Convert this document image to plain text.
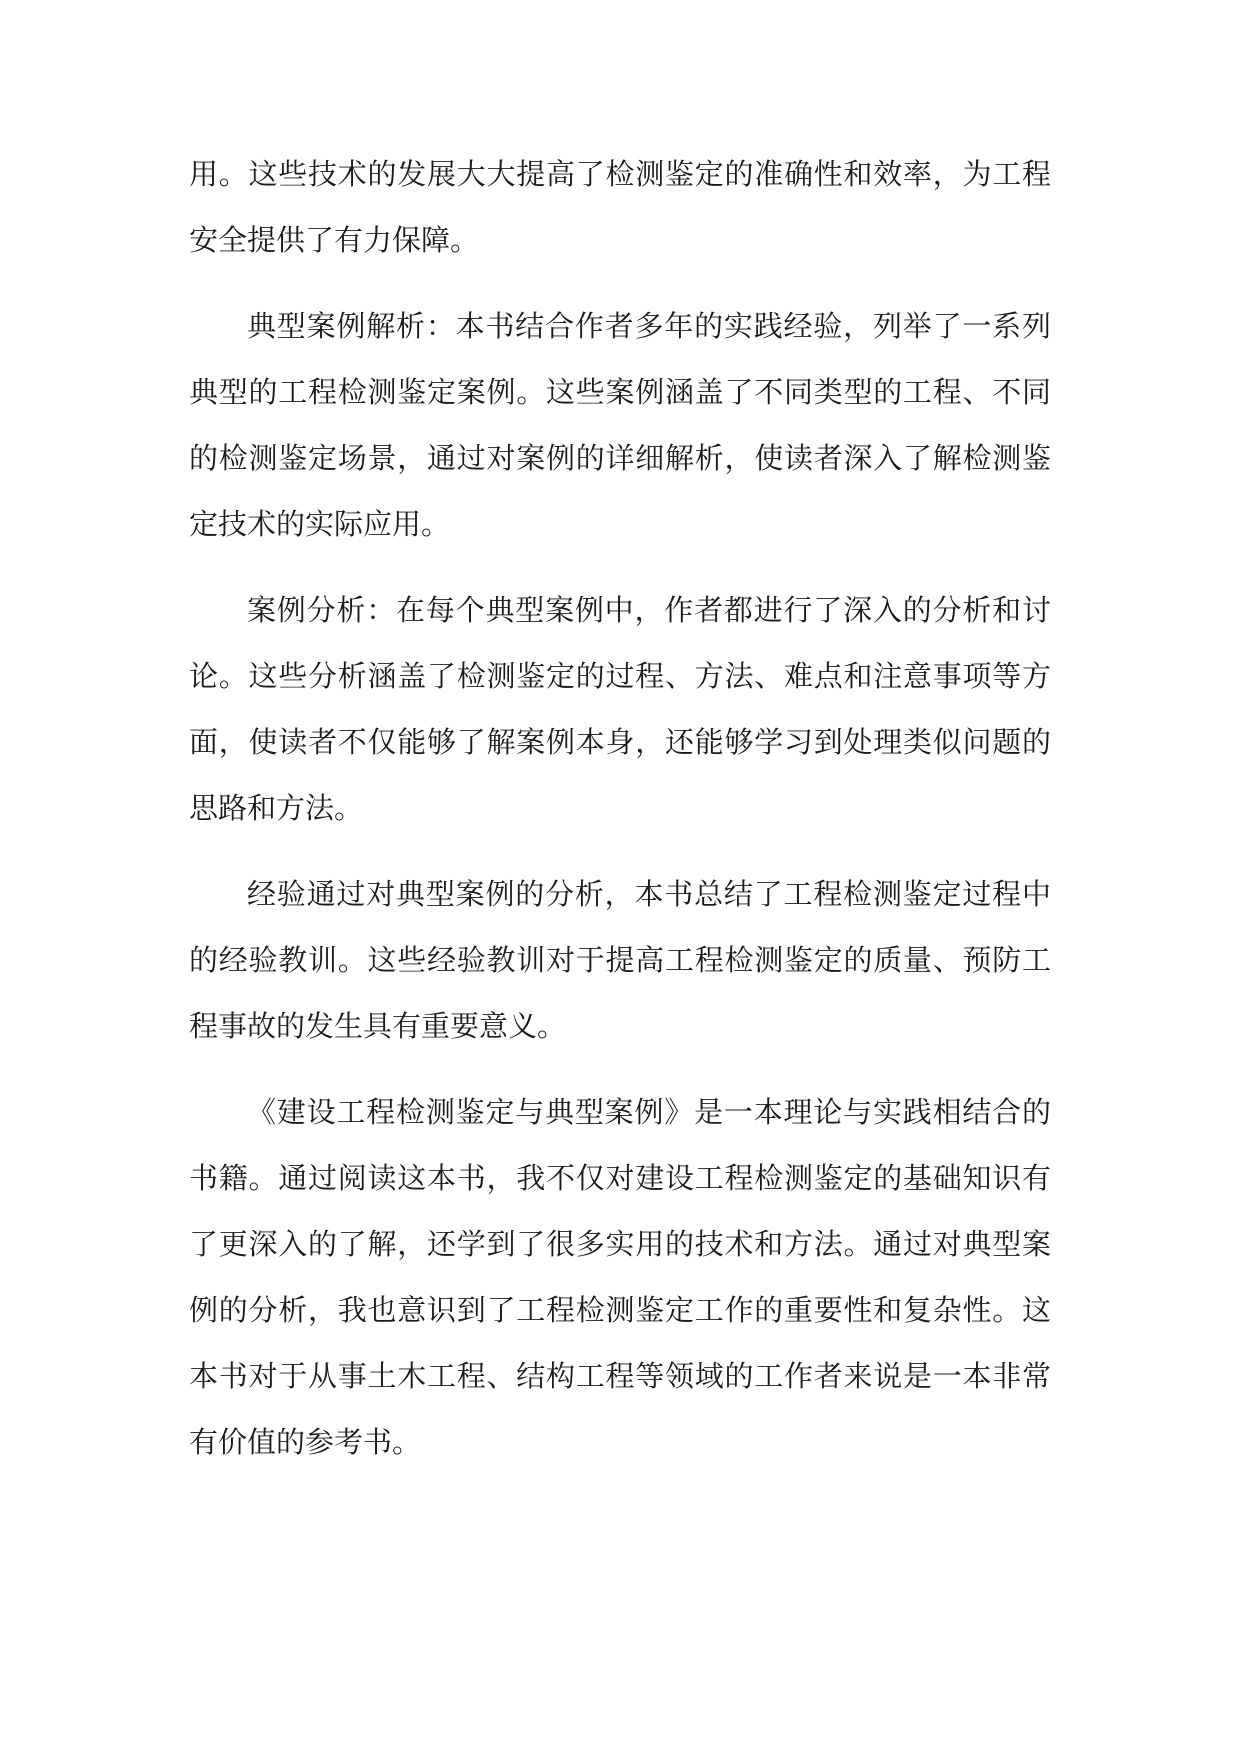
用。这些技术的发展大大提高了检测鉴定的准确性和效率，为工程安全提供了有力保障。

典型案例解析：本书结合作者多年的实践经验，列举了一系列典型的工程检测鉴定案例。这些案例涵盖了不同类型的工程、不同的检测鉴定场景，通过对案例的详细解析，使读者深入了解检测鉴定技术的实际应用。

案例分析：在每个典型案例中，作者都进行了深入的分析和讨论。这些分析涵盖了检测鉴定的过程、方法、难点和注意事项等方面，使读者不仅能够了解案例本身，还能够学习到处理类似问题的思路和方法。

经验通过对典型案例的分析，本书总结了工程检测鉴定过程中的经验教训。这些经验教训对于提高工程检测鉴定的质量、预防工程事故的发生具有重要意义。

《建设工程检测鉴定与典型案例》是一本理论与实践相结合的书籍。通过阅读这本书，我不仅对建设工程检测鉴定的基础知识有了更深入的了解，还学到了很多实用的技术和方法。通过对典型案例的分析，我也意识到了工程检测鉴定工作的重要性和复杂性。这本书对于从事土木工程、结构工程等领域的工作者来说是一本非常有价值的参考书。
